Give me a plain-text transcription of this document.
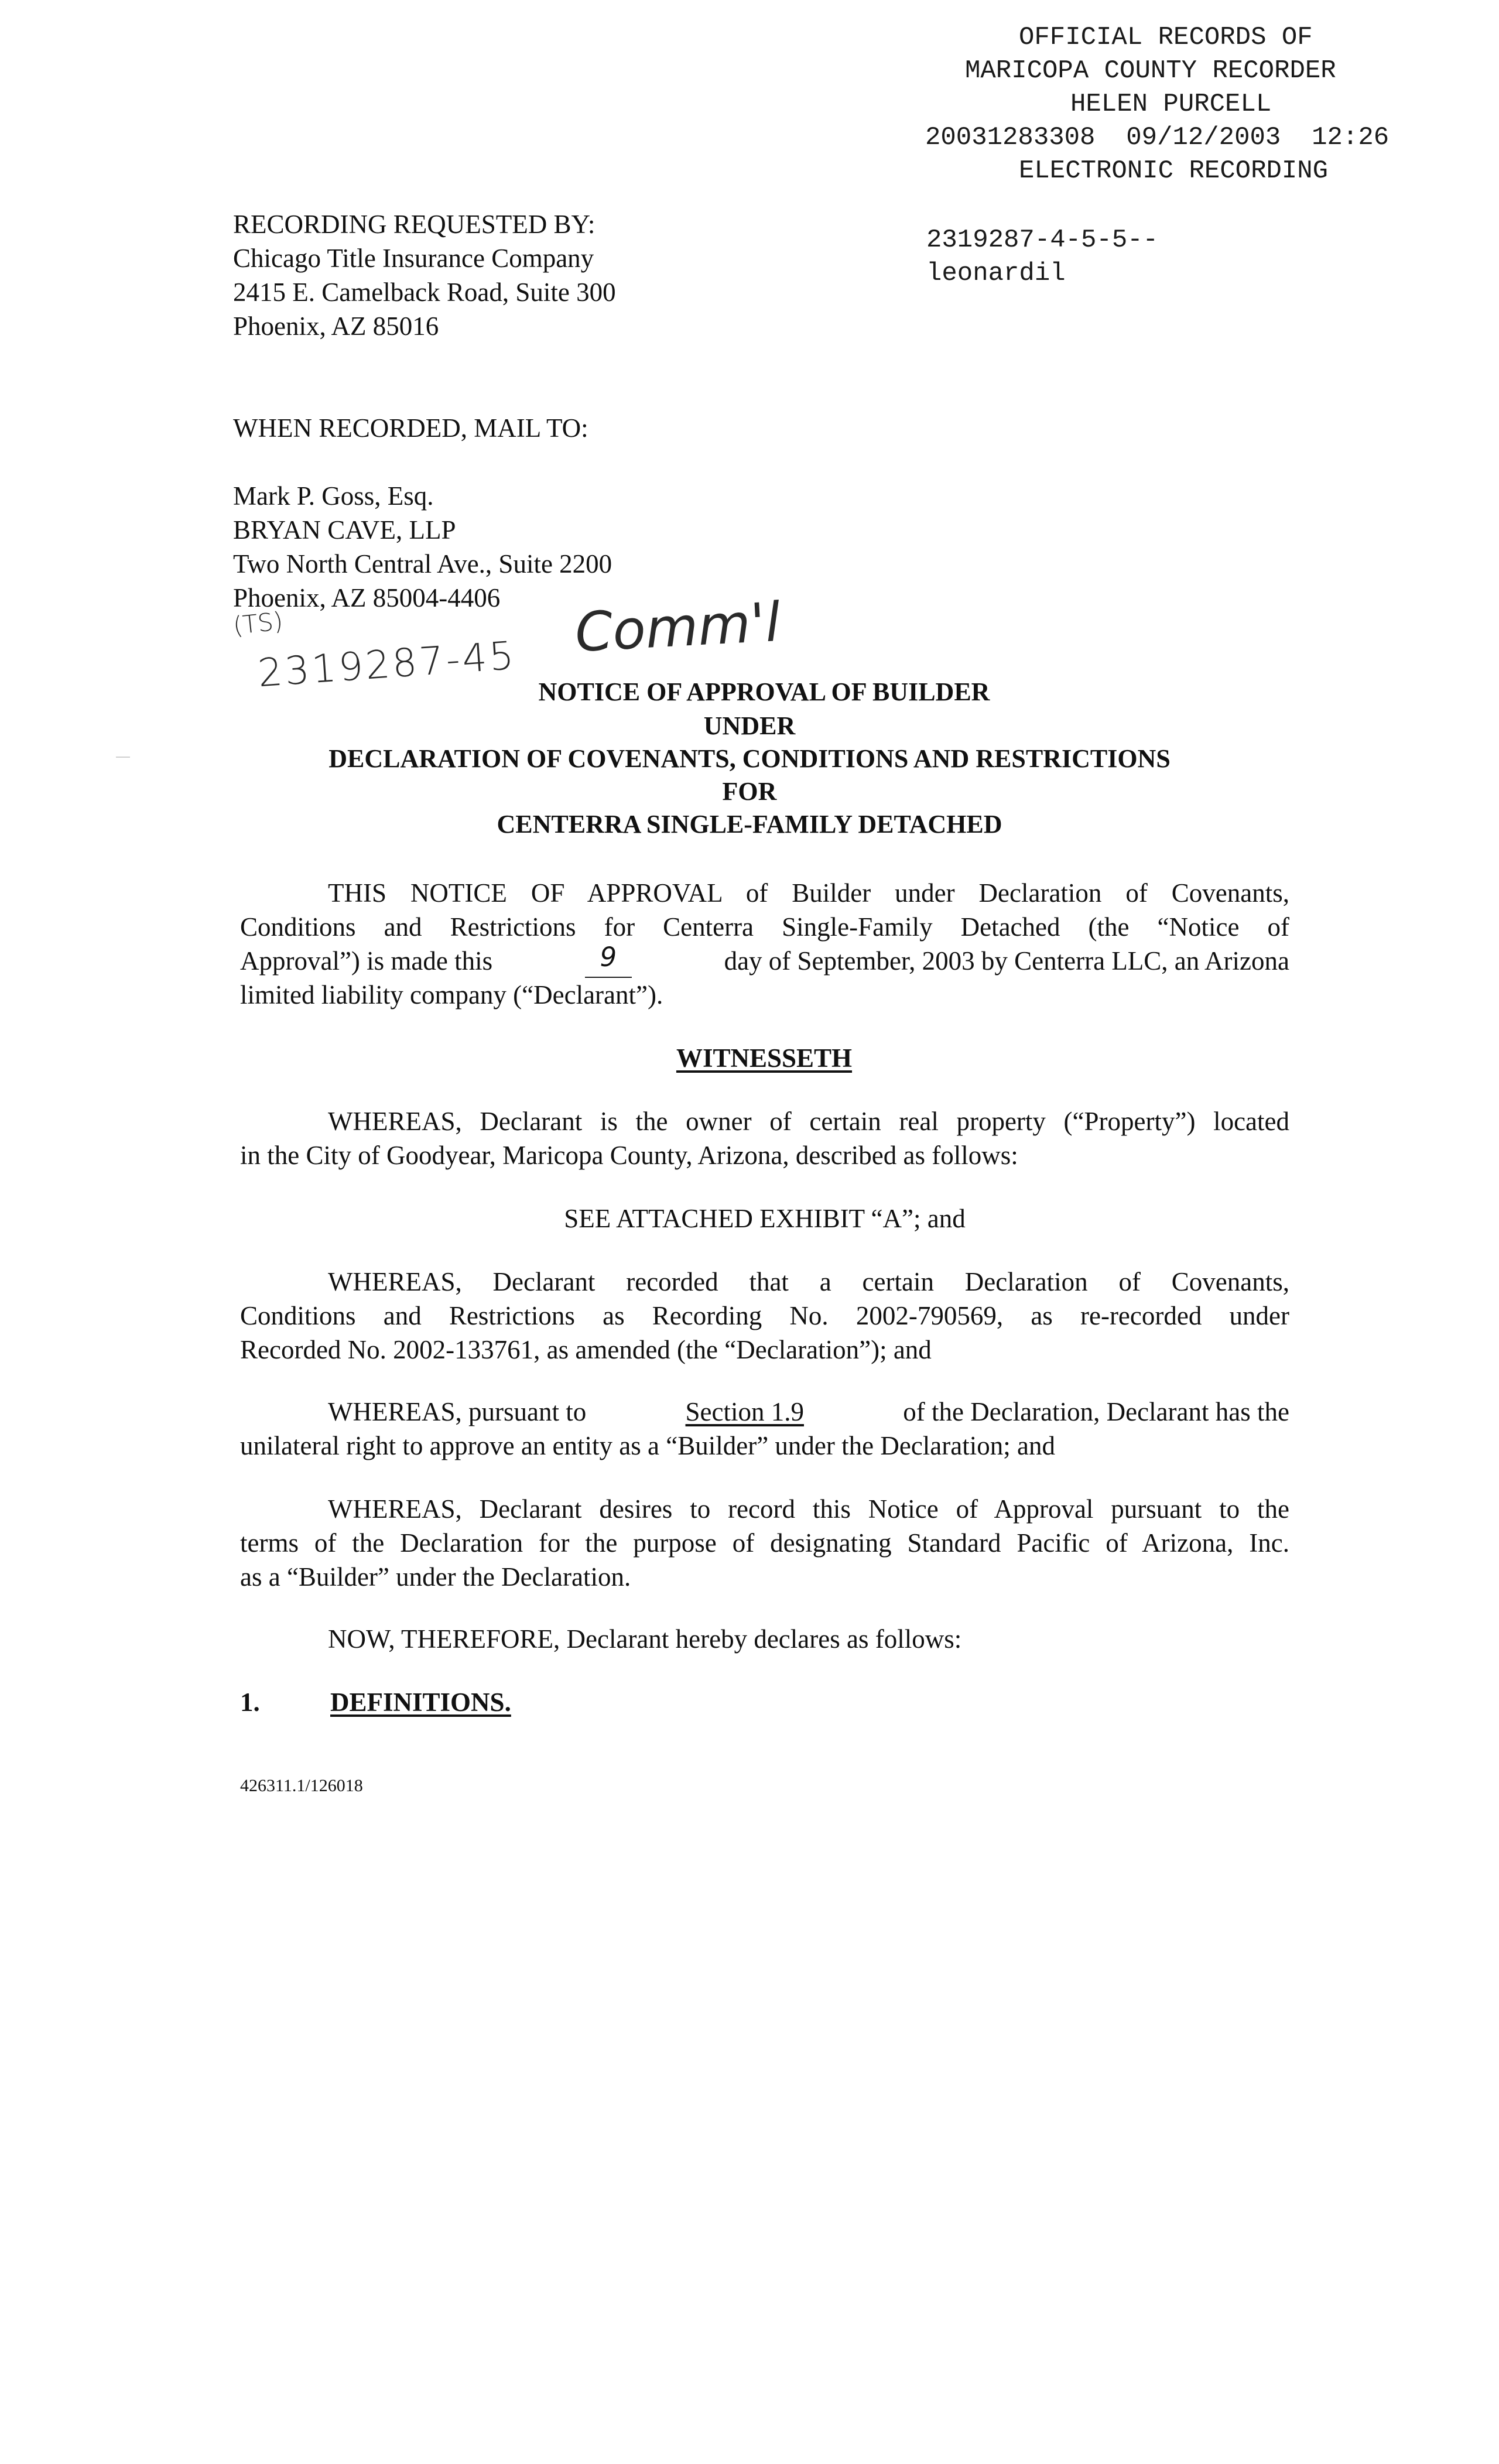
OFFICIAL RECORDS OF
MARICOPA COUNTY RECORDER
HELEN PURCELL
20031283308  09/12/2003  12:26
ELECTRONIC RECORDING
2319287-4-5-5--
leonardil
RECORDING REQUESTED BY:
Chicago Title Insurance Company
2415 E. Camelback Road, Suite 300
Phoenix, AZ 85016
WHEN RECORDED, MAIL TO:
Mark P. Goss, Esq.
BRYAN CAVE, LLP
Two North Central Ave., Suite 2200
Phoenix, AZ 85004-4406
(TS)
2319287-45
Comm'l
NOTICE OF APPROVAL OF BUILDER
UNDER
DECLARATION OF COVENANTS, CONDITIONS AND RESTRICTIONS
FOR
CENTERRA SINGLE-FAMILY DETACHED
THIS NOTICE OF APPROVAL of Builder under Declaration of Covenants,
Conditions and Restrictions for Centerra Single-Family Detached (the “Notice of
Approval”) is made this	9	day of September, 2003 by Centerra LLC, an Arizona
limited liability company (“Declarant”).
WITNESSETH
WHEREAS, Declarant is the owner of certain real property (“Property”) located
in the City of Goodyear, Maricopa County, Arizona, described as follows:
SEE ATTACHED EXHIBIT “A”; and
WHEREAS, Declarant recorded that a certain Declaration of Covenants,
Conditions and Restrictions as Recording No. 2002-790569, as re-recorded under
Recorded No. 2002-133761, as amended (the “Declaration”); and
WHEREAS, pursuant to	Section 1.9	of the Declaration, Declarant has the
unilateral right to approve an entity as a “Builder” under the Declaration; and
WHEREAS, Declarant desires to record this Notice of Approval pursuant to the
terms of the Declaration for the purpose of designating Standard Pacific of Arizona, Inc.
as a “Builder” under the Declaration.
NOW, THEREFORE, Declarant hereby declares as follows:
1.	DEFINITIONS.
426311.1/126018
